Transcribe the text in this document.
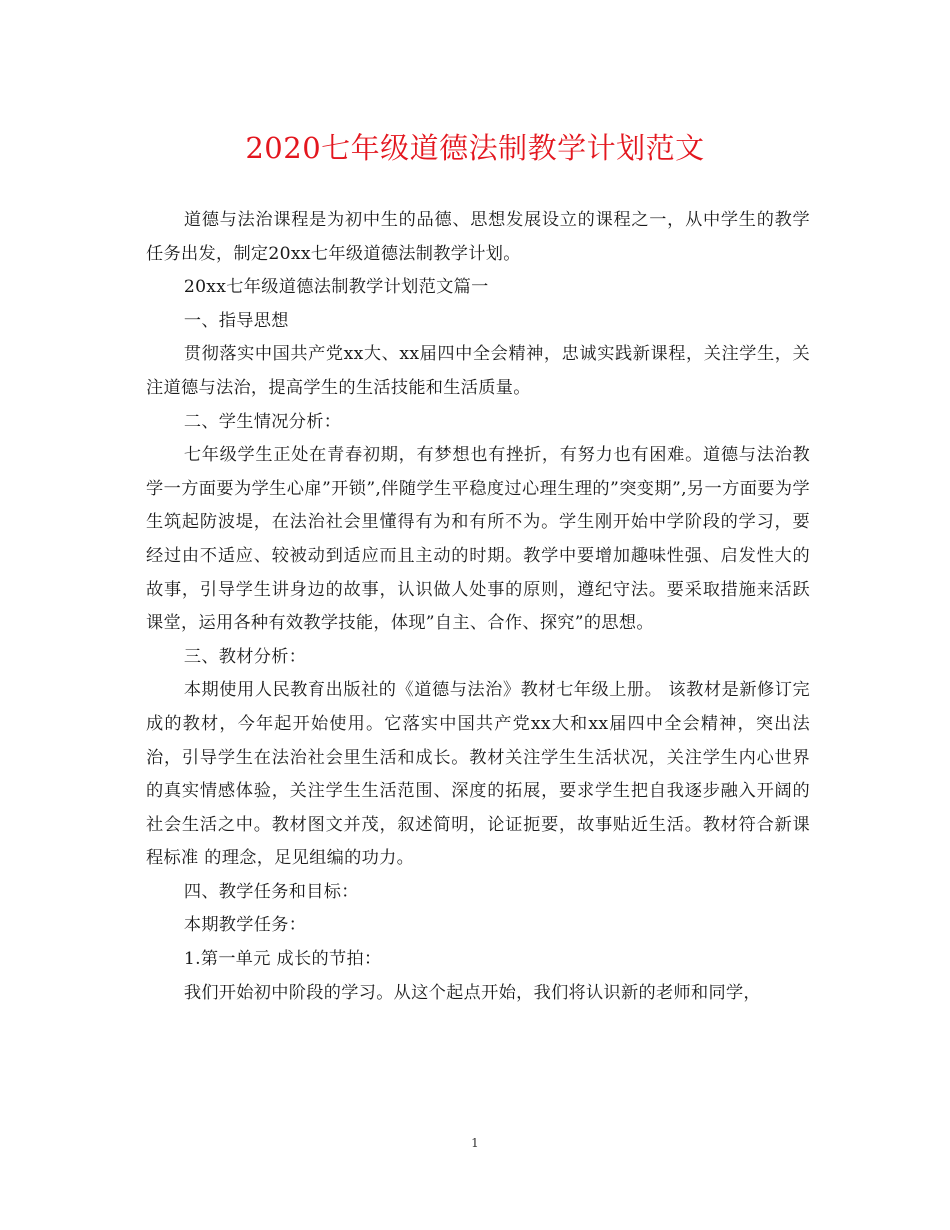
2020七年级道德法制教学计划范文

道德与法治课程是为初中生的品德、思想发展设立的课程之一，从中学生的教学任务出发，制定20xx七年级道德法制教学计划。

20xx七年级道德法制教学计划范文篇一

一、指导思想

贯彻落实中国共产党xx大、xx届四中全会精神，忠诚实践新课程，关注学生，关注道德与法治，提高学生的生活技能和生活质量。

二、学生情况分析：

七年级学生正处在青春初期，有梦想也有挫折，有努力也有困难。道德与法治教学一方面要为学生心扉”开锁”,伴随学生平稳度过心理生理的”突变期”,另一方面要为学生筑起防波堤，在法治社会里懂得有为和有所不为。学生刚开始中学阶段的学习，要经过由不适应、较被动到适应而且主动的时期。教学中要增加趣味性强、启发性大的故事，引导学生讲身边的故事，认识做人处事的原则，遵纪守法。要采取措施来活跃课堂，运用各种有效教学技能，体现”自主、合作、探究”的思想。

三、教材分析：

本期使用人民教育出版社的《道德与法治》教材七年级上册。 该教材是新修订完成的教材，今年起开始使用。它落实中国共产党xx大和xx届四中全会精神，突出法治，引导学生在法治社会里生活和成长。教材关注学生生活状况，关注学生内心世界的真实情感体验，关注学生生活范围、深度的拓展，要求学生把自我逐步融入开阔的社会生活之中。教材图文并茂，叙述简明，论证扼要，故事贴近生活。教材符合新课程标准 的理念，足见组编的功力。

四、教学任务和目标：

本期教学任务：

1.第一单元 成长的节拍：

我们开始初中阶段的学习。从这个起点开始，我们将认识新的老师和同学，

1
